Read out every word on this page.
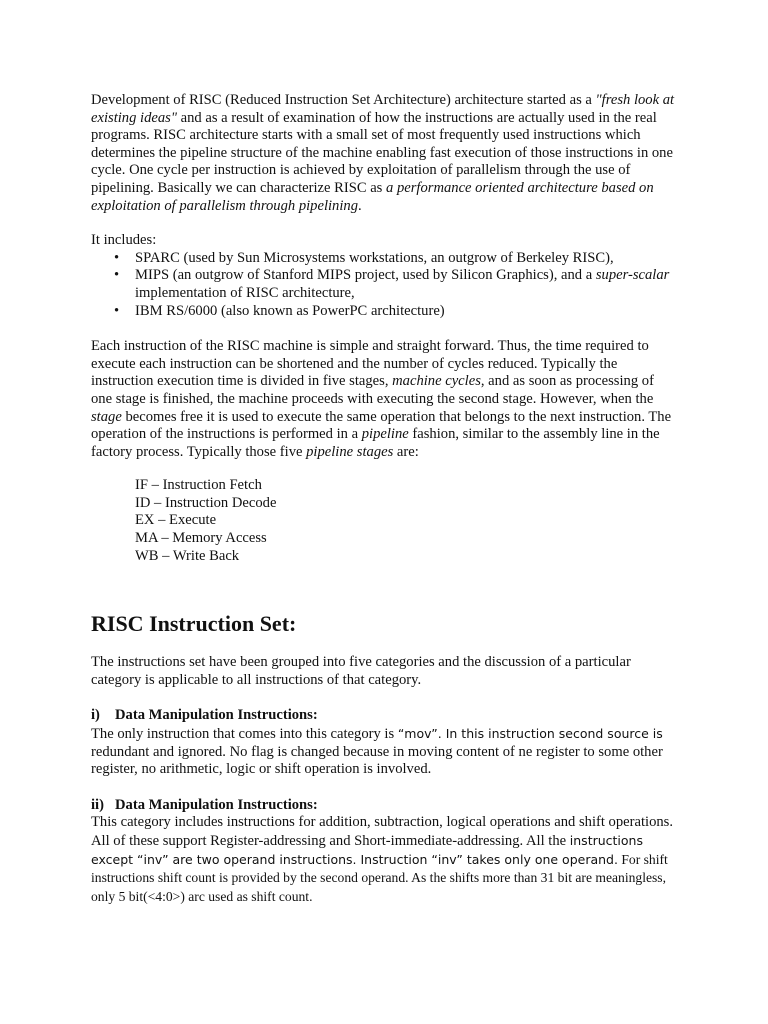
Development of RISC (Reduced Instruction Set Architecture) architecture started as a "fresh look at existing ideas" and as a result of examination of how the instructions are actually used in the real programs. RISC architecture starts with a small set of most frequently used instructions which determines the pipeline structure of the machine enabling fast execution of those instructions in one cycle. One cycle per instruction is achieved by exploitation of parallelism through the use of pipelining. Basically we can characterize RISC as a performance oriented architecture based on exploitation of parallelism through pipelining.

It includes:

• SPARC (used by Sun Microsystems workstations, an outgrow of Berkeley RISC),
• MIPS (an outgrow of Stanford MIPS project, used by Silicon Graphics), and a super-scalar implementation of RISC architecture,
• IBM RS/6000 (also known as PowerPC architecture)

Each instruction of the RISC machine is simple and straight forward. Thus, the time required to execute each instruction can be shortened and the number of cycles reduced. Typically the instruction execution time is divided in five stages, machine cycles, and as soon as processing of one stage is finished, the machine proceeds with executing the second stage. However, when the stage becomes free it is used to execute the same operation that belongs to the next instruction. The operation of the instructions is performed in a pipeline fashion, similar to the assembly line in the factory process. Typically those five pipeline stages are:

IF – Instruction Fetch
ID – Instruction Decode
EX – Execute
MA – Memory Access
WB – Write Back
RISC Instruction Set:

The instructions set have been grouped into five categories and the discussion of a particular category is applicable to all instructions of that category.

i) Data Manipulation Instructions:

The only instruction that comes into this category is “mov”. In this instruction second source is redundant and ignored. No flag is changed because in moving content of ne register to some other register, no arithmetic, logic or shift operation is involved.

ii) Data Manipulation Instructions:

This category includes instructions for addition, subtraction, logical operations and shift operations. All of these support Register-addressing and Short-immediate-addressing. All the instructions except “inv” are two operand instructions. Instruction “inv” takes only one operand. For shift instructions shift count is provided by the second operand. As the shifts more than 31 bit are meaningless, only 5 bit(<4:0>) arc used as shift count.
